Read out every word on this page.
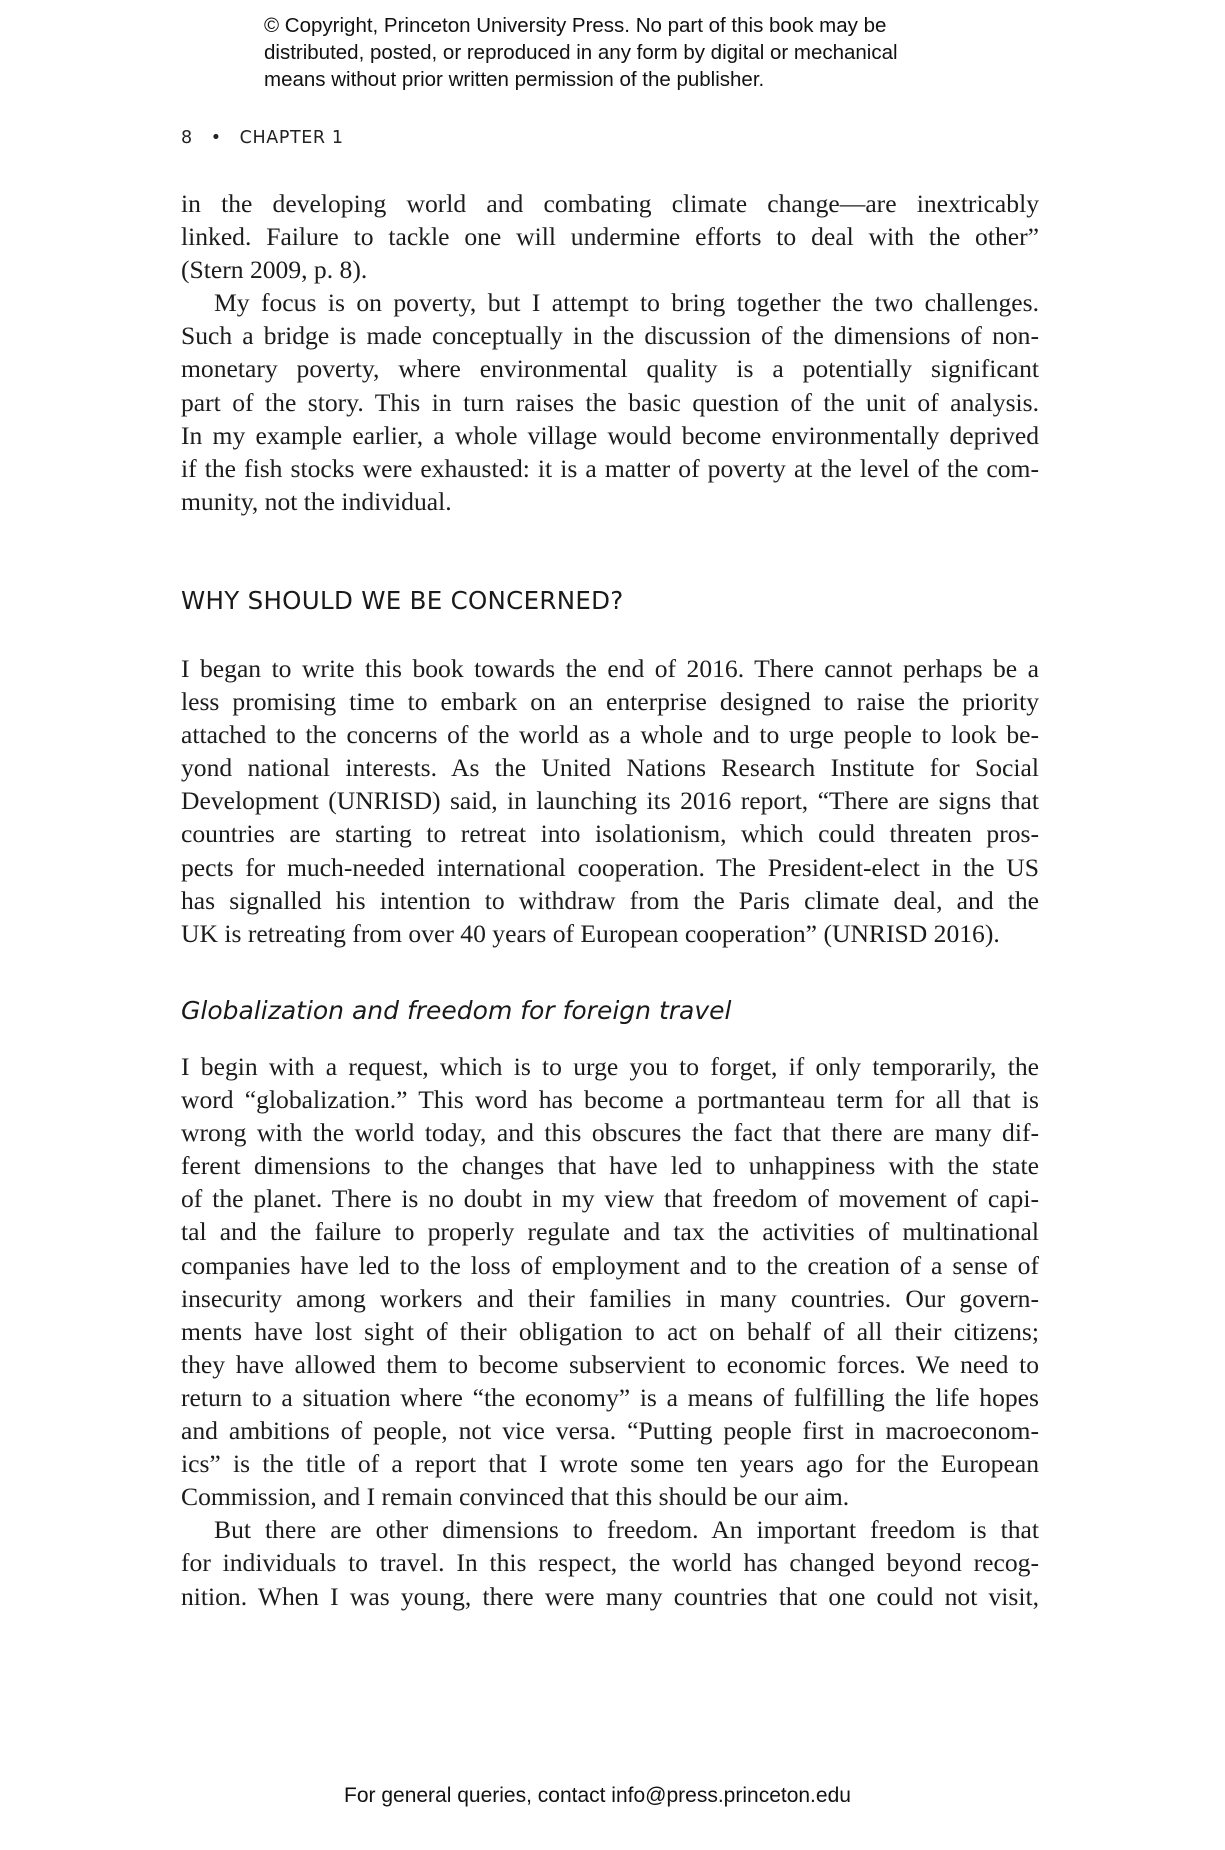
© Copyright, Princeton University Press. No part of this book may be
distributed, posted, or reproduced in any form by digital or mechanical
means without prior written permission of the publisher.
8 • CHAPTER 1
in the developing world and combating climate change—are inextricably
linked. Failure to tackle one will undermine efforts to deal with the other”
(Stern 2009, p. 8).
My focus is on poverty, but I attempt to bring together the two challenges.
Such a bridge is made conceptually in the discussion of the dimensions of non-
monetary poverty, where environmental quality is a potentially significant
part of the story. This in turn raises the basic question of the unit of analysis.
In my example earlier, a whole village would become environmentally deprived
if the fish stocks were exhausted: it is a matter of poverty at the level of the com-
munity, not the individual.
WHY SHOULD WE BE CONCERNED?
I began to write this book towards the end of 2016. There cannot perhaps be a
less promising time to embark on an enterprise designed to raise the priority
attached to the concerns of the world as a whole and to urge people to look be-
yond national interests. As the United Nations Research Institute for Social
Development (UNRISD) said, in launching its 2016 report, “There are signs that
countries are starting to retreat into isolationism, which could threaten pros-
pects for much-needed international cooperation. The President-elect in the US
has signalled his intention to withdraw from the Paris climate deal, and the
UK is retreating from over 40 years of European cooperation” (UNRISD 2016).
Globalization and freedom for foreign travel
I begin with a request, which is to urge you to forget, if only temporarily, the
word “globalization.” This word has become a portmanteau term for all that is
wrong with the world today, and this obscures the fact that there are many dif-
ferent dimensions to the changes that have led to unhappiness with the state
of the planet. There is no doubt in my view that freedom of movement of capi-
tal and the failure to properly regulate and tax the activities of multinational
companies have led to the loss of employment and to the creation of a sense of
insecurity among workers and their families in many countries. Our govern-
ments have lost sight of their obligation to act on behalf of all their citizens;
they have allowed them to become subservient to economic forces. We need to
return to a situation where “the economy” is a means of fulfilling the life hopes
and ambitions of people, not vice versa. “Putting people first in macroeconom-
ics” is the title of a report that I wrote some ten years ago for the European
Commission, and I remain convinced that this should be our aim.
But there are other dimensions to freedom. An important freedom is that
for individuals to travel. In this respect, the world has changed beyond recog-
nition. When I was young, there were many countries that one could not visit,
For general queries, contact info@press.princeton.edu
